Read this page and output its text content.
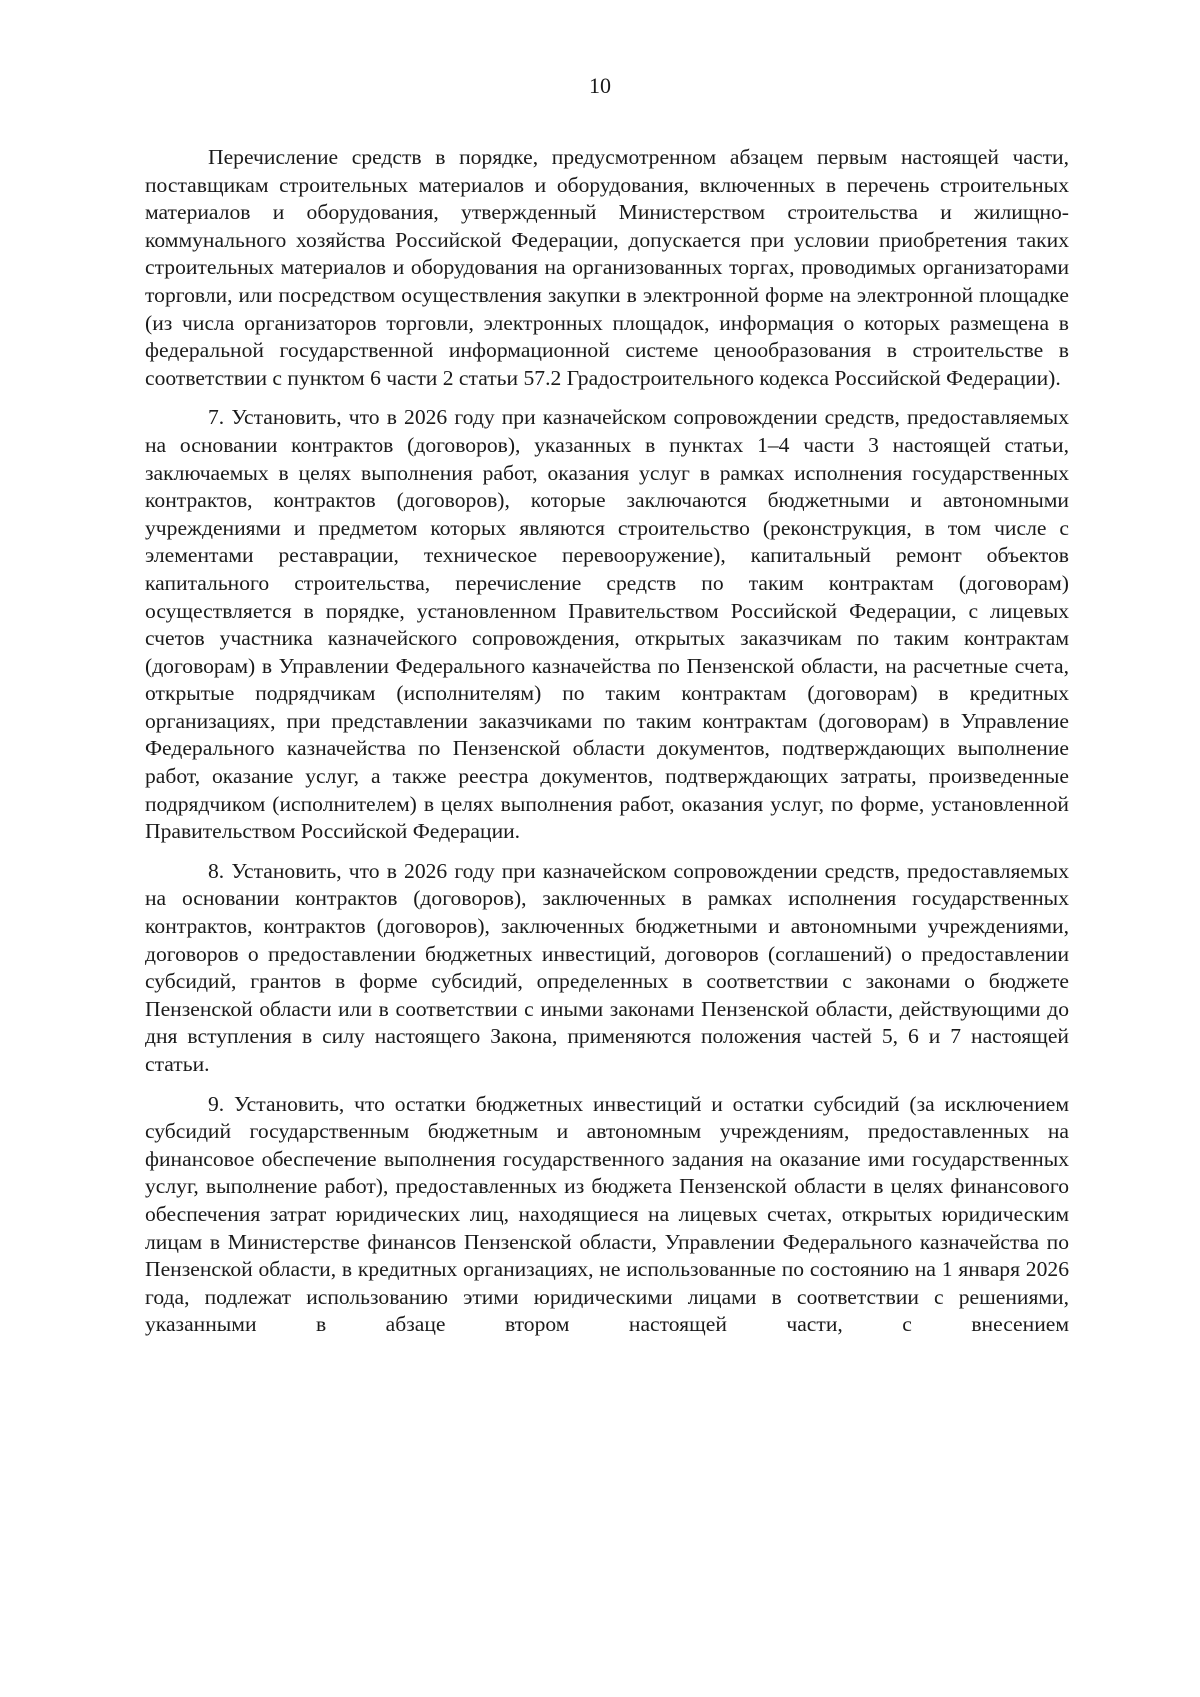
10

Перечисление средств в порядке, предусмотренном абзацем первым настоящей части, поставщикам строительных материалов и оборудования, включенных в перечень строительных материалов и оборудования, утвержденный Министерством строительства и жилищно-коммунального хозяйства Российской Федерации, допускается при условии приобретения таких строительных материалов и оборудования на организованных торгах, проводимых организаторами торговли, или посредством осуществления закупки в электронной форме на электронной площадке (из числа организаторов торговли, электронных площадок, информация о которых размещена в федеральной государственной информационной системе ценообразования в строительстве в соответствии с пунктом 6 части 2 статьи 57.2 Градостроительного кодекса Российской Федерации).

7. Установить, что в 2026 году при казначейском сопровождении средств, предоставляемых на основании контрактов (договоров), указанных в пунктах 1–4 части 3 настоящей статьи, заключаемых в целях выполнения работ, оказания услуг в рамках исполнения государственных контрактов, контрактов (договоров), которые заключаются бюджетными и автономными учреждениями и предметом которых являются строительство (реконструкция, в том числе с элементами реставрации, техническое перевооружение), капитальный ремонт объектов капитального строительства, перечисление средств по таким контрактам (договорам) осуществляется в порядке, установленном Правительством Российской Федерации, с лицевых счетов участника казначейского сопровождения, открытых заказчикам по таким контрактам (договорам) в Управлении Федерального казначейства по Пензенской области, на расчетные счета, открытые подрядчикам (исполнителям) по таким контрактам (договорам) в кредитных организациях, при представлении заказчиками по таким контрактам (договорам) в Управление Федерального казначейства по Пензенской области документов, подтверждающих выполнение работ, оказание услуг, а также реестра документов, подтверждающих затраты, произведенные подрядчиком (исполнителем) в целях выполнения работ, оказания услуг, по форме, установленной Правительством Российской Федерации.

8. Установить, что в 2026 году при казначейском сопровождении средств, предоставляемых на основании контрактов (договоров), заключенных в рамках исполнения государственных контрактов, контрактов (договоров), заключенных бюджетными и автономными учреждениями, договоров о предоставлении бюджетных инвестиций, договоров (соглашений) о предоставлении субсидий, грантов в форме субсидий, определенных в соответствии с законами о бюджете Пензенской области или в соответствии с иными законами Пензенской области, действующими до дня вступления в силу настоящего Закона, применяются положения частей 5, 6 и 7 настоящей статьи.

9. Установить, что остатки бюджетных инвестиций и остатки субсидий (за исключением субсидий государственным бюджетным и автономным учреждениям, предоставленных на финансовое обеспечение выполнения государственного задания на оказание ими государственных услуг, выполнение работ), предоставленных из бюджета Пензенской области в целях финансового обеспечения затрат юридических лиц, находящиеся на лицевых счетах, открытых юридическим лицам в Министерстве финансов Пензенской области, Управлении Федерального казначейства по Пензенской области, в кредитных организациях, не использованные по состоянию на 1 января 2026 года, подлежат использованию этими юридическими лицами в соответствии с решениями, указанными в абзаце втором настоящей части, с внесением
